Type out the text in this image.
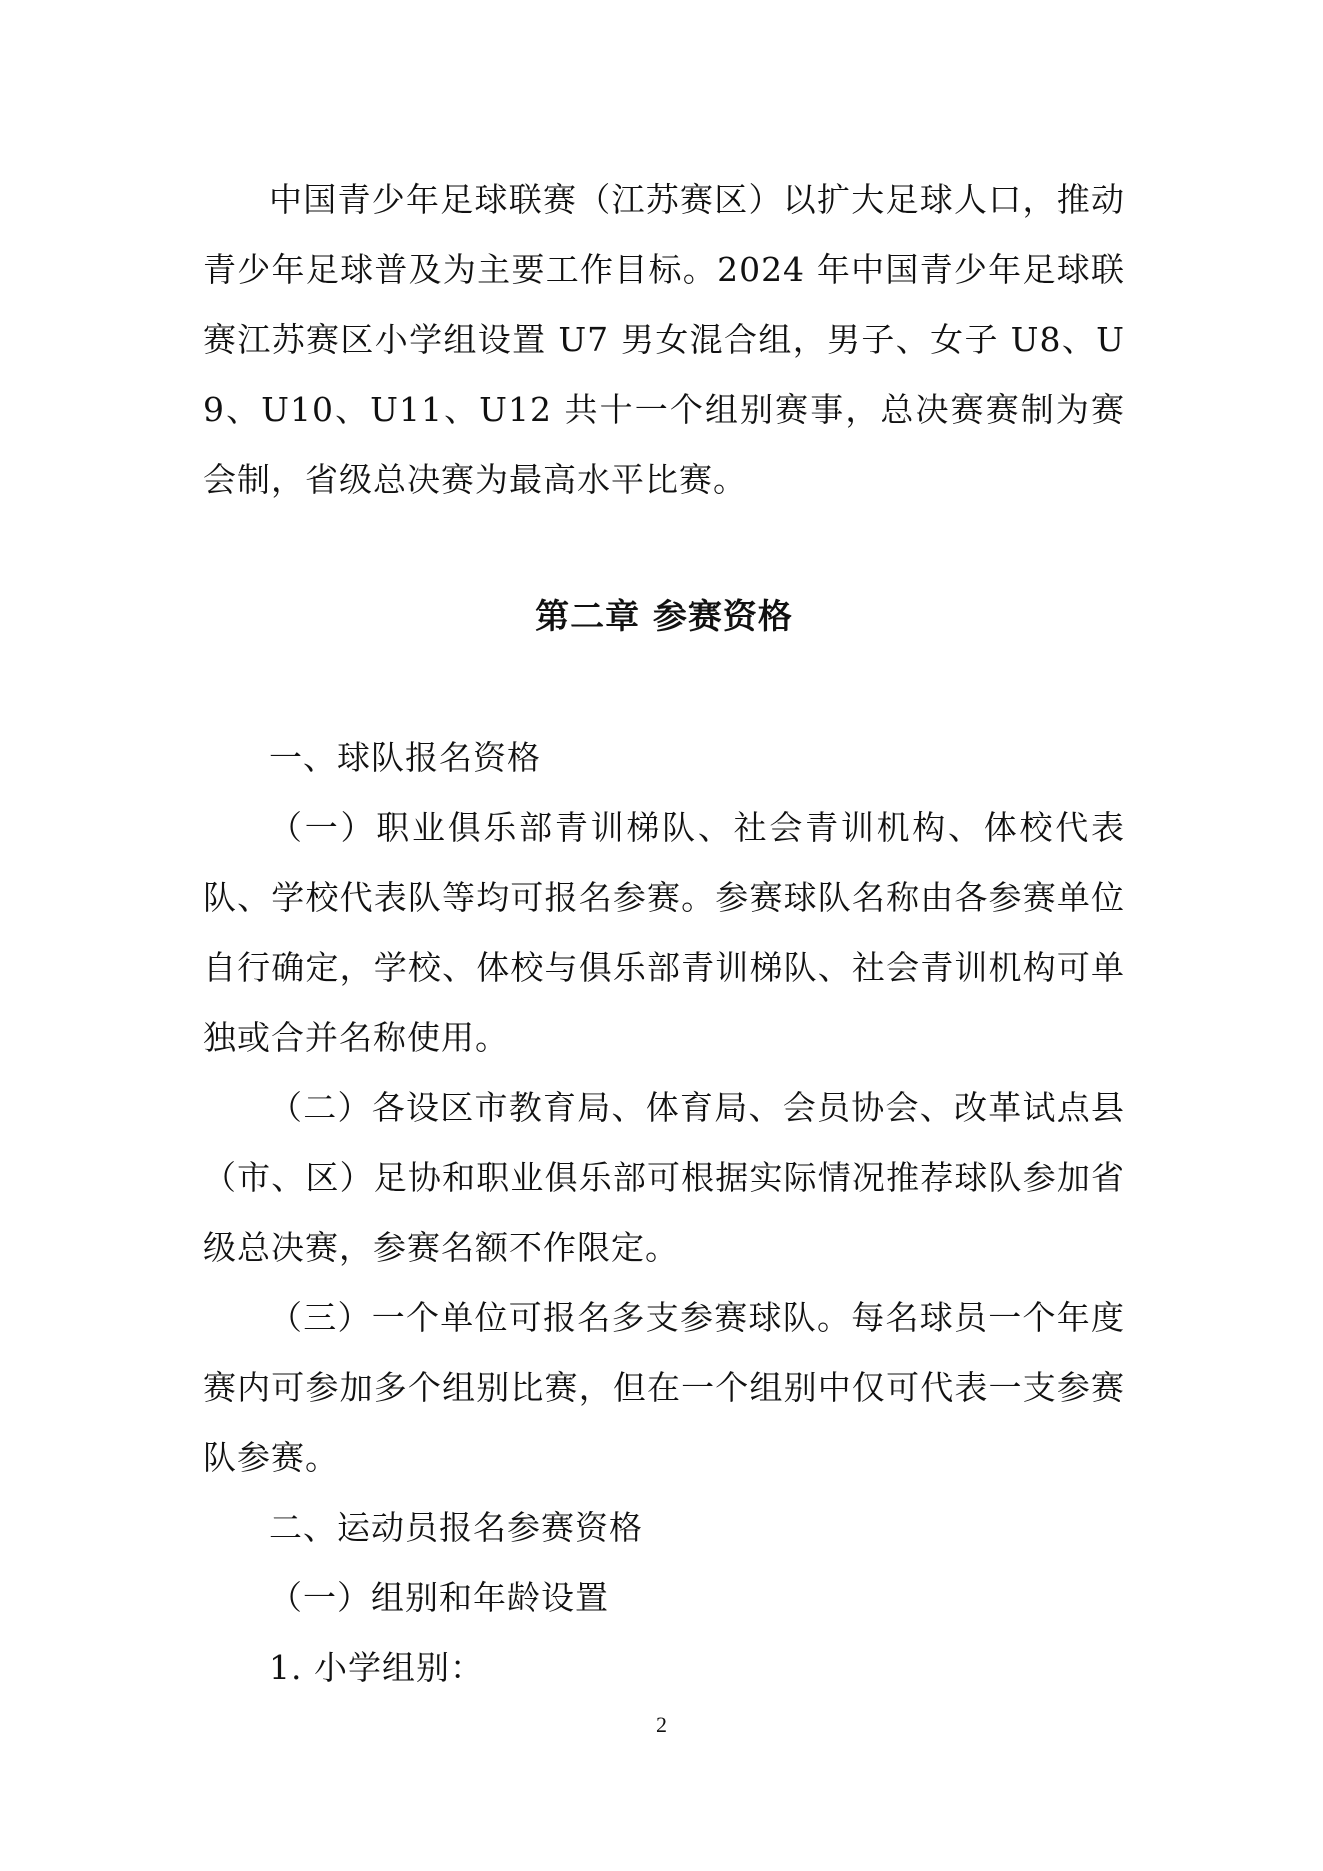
中国青少年足球联赛（江苏赛区）以扩大足球人口，推动青少年足球普及为主要工作目标。2024 年中国青少年足球联赛江苏赛区小学组设置 U7 男女混合组，男子、女子 U8、U9、U10、U11、U12 共十一个组别赛事，总决赛赛制为赛会制，省级总决赛为最高水平比赛。

第二章 参赛资格

一、球队报名资格

（一）职业俱乐部青训梯队、社会青训机构、体校代表队、学校代表队等均可报名参赛。参赛球队名称由各参赛单位自行确定，学校、体校与俱乐部青训梯队、社会青训机构可单独或合并名称使用。

（二）各设区市教育局、体育局、会员协会、改革试点县（市、区）足协和职业俱乐部可根据实际情况推荐球队参加省级总决赛，参赛名额不作限定。

（三）一个单位可报名多支参赛球队。每名球员一个年度赛内可参加多个组别比赛，但在一个组别中仅可代表一支参赛队参赛。

二、运动员报名参赛资格

（一）组别和年龄设置

1. 小学组别：

2
